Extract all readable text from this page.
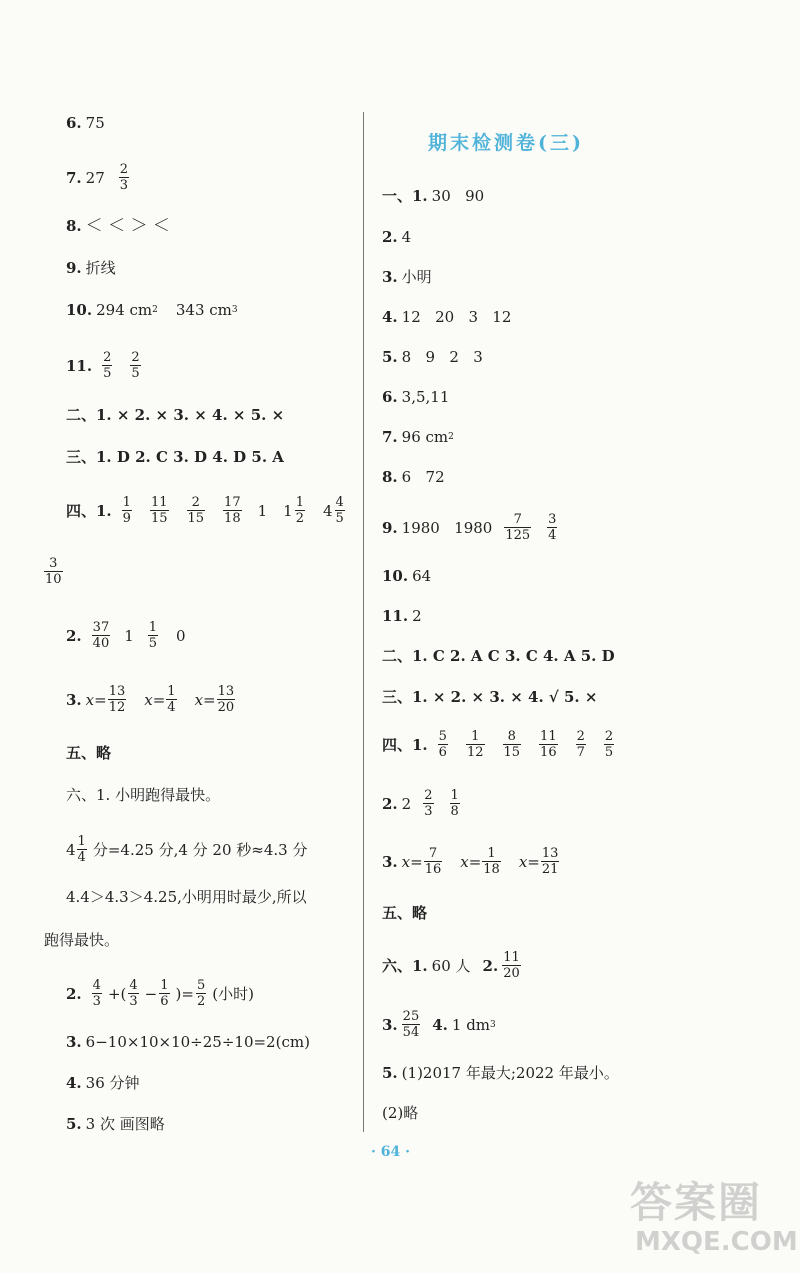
6. 75
7. $27 \frac{2}{3}$
8. ＜ ＜ ＞ ＜
9. 折线
10. 294 cm 2 343 cm 3
11. $\frac{2}{5} \frac{2}{5}$
二、1. × 2. × 3. × 4. × 5. ×
三、1. D 2. C 3. D 4. D 5. A
四、1. $\frac{1}{9} \frac{11}{15} \frac{2}{15} \frac{17}{18} 1$ $1 \frac{1}{2} 4 \frac{4}{5}$
$\frac{3}{10}$
2. $\frac{37}{40} 1 \frac{1}{5} 0$
3. $x= \frac{13}{12} x= \frac{1}{4} x= \frac{13}{20}$
五、略
六、1. 小明跑得最快。
$4 \frac{1}{4}$ 分=4.25 分,4 分 20 秒≈4.3 分
4.4＞4.3＞4.25,小明用时最少,所以
跑得最快。
2. $\frac{4}{3}$ +( $\frac{4}{3} - \frac{1}{6}$ )= $\frac{5}{2}$ (小时)
3. 6−10×10×10÷25÷10=2(cm)
4. 36 分钟
5. 3 次 画图略
期末检测卷(三)
一、1. 30   90
2. 4
3. 小明
4. 12   20   3   12
5. 8   9   2   3
6. 3,5,11
7. 96 cm 2
8. 6   72
9. 1980   $1980 \frac{7}{125} \frac{3}{4}$
10. 64
11. 2
二、1. C 2. A C 3. C 4. A 5. D
三、1. × 2. × 3. × 4. √ 5. ×
四、1. $\frac{5}{6} \frac{1}{12} \frac{8}{15} \frac{11}{16} \frac{2}{7} \frac{2}{5}$
2. $2 \frac{2}{3} \frac{1}{8}$
3. $x= \frac{7}{16} x= \frac{1}{18} x= \frac{13}{21}$
五、略
六、1. 60 人 2. $\frac{11}{20}$
3. $\frac{25}{54} 4$. 1 dm 3
5. (1)2017 年最大;2022 年最小。
(2)略
· 64 ·
答案圈
MXQE.COM
